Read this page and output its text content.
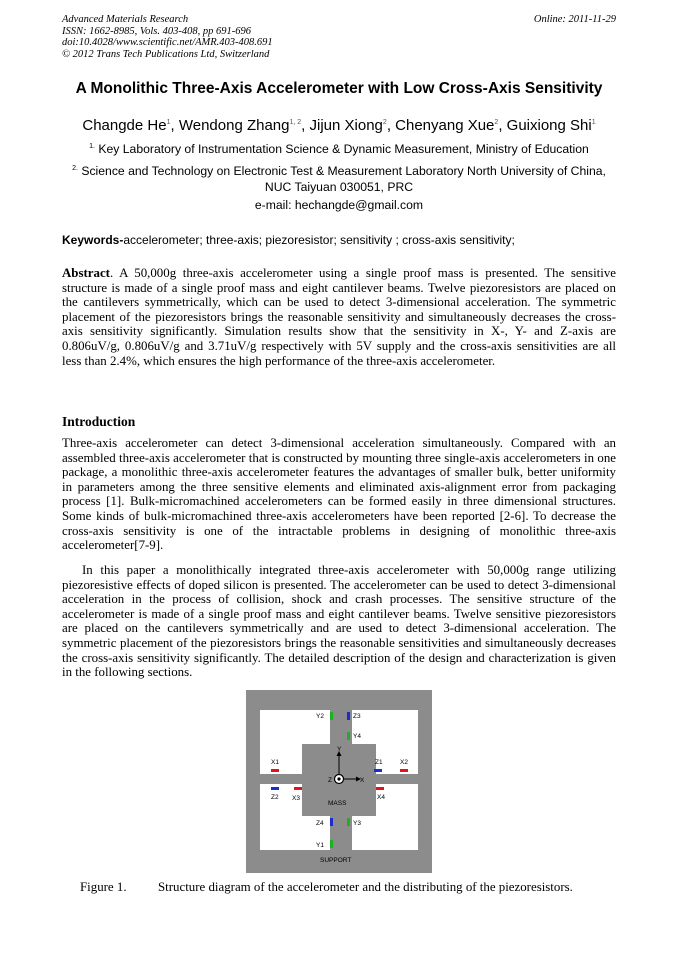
Advanced Materials Research
ISSN: 1662-8985, Vols. 403-408, pp 691-696
doi:10.4028/www.scientific.net/AMR.403-408.691
© 2012 Trans Tech Publications Ltd, Switzerland
Online: 2011-11-29
A Monolithic Three-Axis Accelerometer with Low Cross-Axis Sensitivity
Changde He$^1$, Wendong Zhang$^{1, 2}$, Jijun Xiong$^2$, Chenyang Xue$^2$, Guixiong Shi$^1$
$^{1.}$ Key Laboratory of Instrumentation Science & Dynamic Measurement, Ministry of Education
$^{2.}$ Science and Technology on Electronic Test & Measurement Laboratory North University of China, NUC Taiyuan 030051, PRC
e-mail: hechangde@gmail.com
Keywords-accelerometer; three-axis; piezoresistor; sensitivity ; cross-axis sensitivity;
Abstract. A 50,000g three-axis accelerometer using a single proof mass is presented. The sensitive structure is made of a single proof mass and eight cantilever beams. Twelve piezoresistors are placed on the cantilevers symmetrically, which can be used to detect 3-dimensional acceleration. The symmetric placement of the piezoresistors brings the reasonable sensitivity and simultaneously decreases the cross-axis sensitivity significantly. Simulation results show that the sensitivity in X-, Y- and Z-axis are 0.806uV/g, 0.806uV/g and 3.71uV/g respectively with 5V supply and the cross-axis sensitivities are all less than 2.4%, which ensures the high performance of the three-axis accelerometer.
Introduction
Three-axis accelerometer can detect 3-dimensional acceleration simultaneously. Compared with an assembled three-axis accelerometer that is constructed by mounting three single-axis accelerometers in one package, a monolithic three-axis accelerometer features the advantages of smaller bulk, better uniformity in parameters among the three sensitive elements and eliminated axis-alignment error from packaging process [1]. Bulk-micromachined accelerometers can be formed easily in three dimensional structures. Some kinds of bulk-micromachined three-axis accelerometers have been reported [2-6]. To decrease the cross-axis sensitivity is one of the intractable problems in designing of monolithic three-axis accelerometer[7-9].
In this paper a monolithically integrated three-axis accelerometer with 50,000g range utilizing piezoresistive effects of doped silicon is presented. The accelerometer can be used to detect 3-dimensional acceleration in the process of collision, shock and crash processes. The sensitive structure of the accelerometer is made of a single proof mass and eight cantilever beams. Twelve sensitive piezoresistors are placed on the cantilevers symmetrically and are used to detect 3-dimensional acceleration. The symmetric placement of the piezoresistors brings the reasonable sensitivities and simultaneously decreases the cross-axis sensitivity significantly. The detailed description of the design and characterization is given in the following sections.
Y2	Z3
Y4
X1	Z1	X2
Z2 X3	X4
Z4	Y3
Y1
Y
X
Z
MASS
SUPPORT
Figure 1. Structure diagram of the accelerometer and the distributing of the piezoresistors.
